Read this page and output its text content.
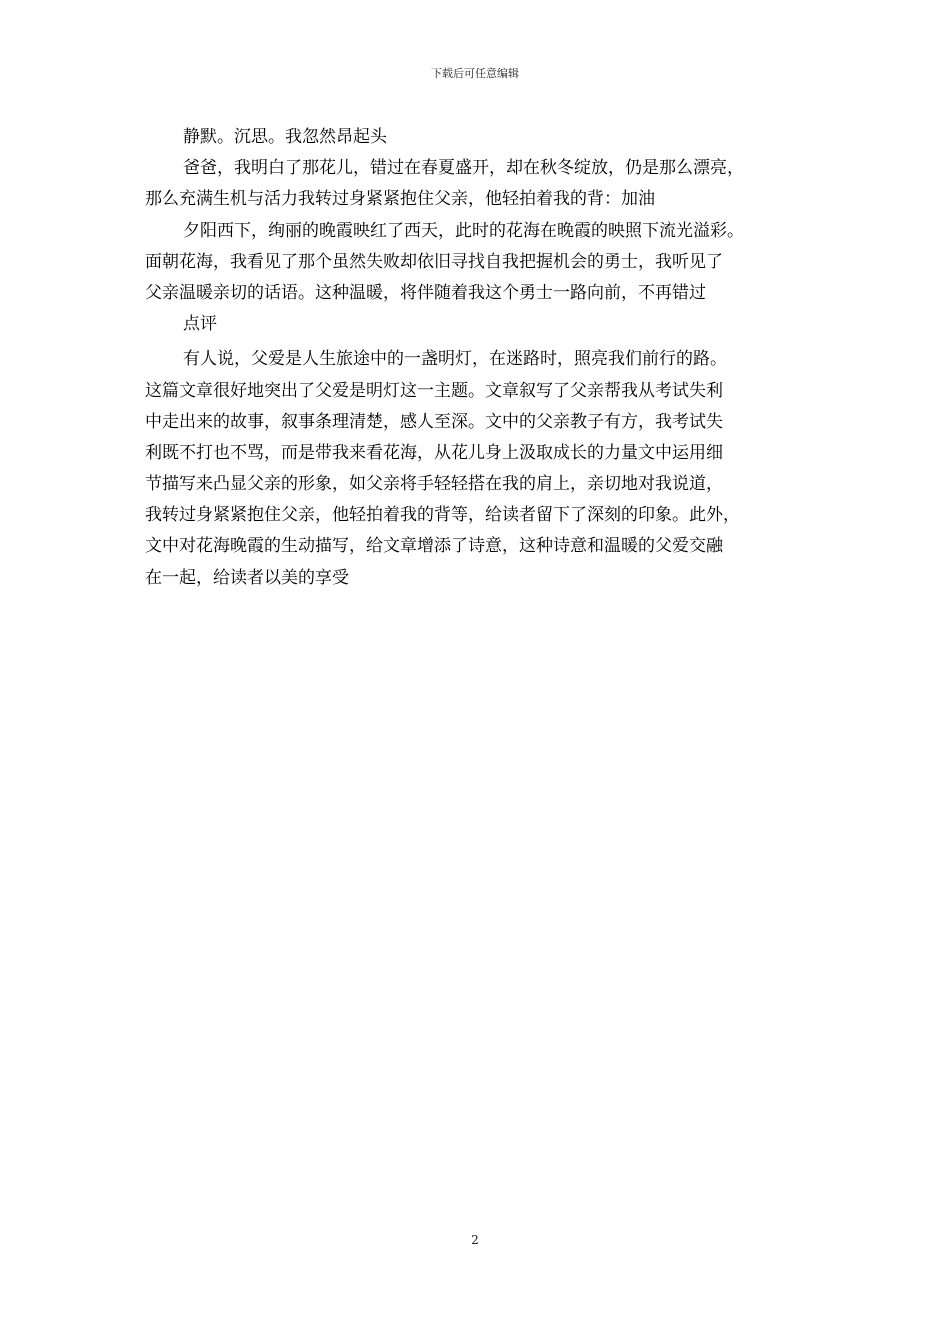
下载后可任意编辑
静默。沉思。我忽然昂起头
爸爸，我明白了那花儿，错过在春夏盛开，却在秋冬绽放，仍是那么漂亮，
那么充满生机与活力我转过身紧紧抱住父亲，他轻拍着我的背：加油
夕阳西下，绚丽的晚霞映红了西天，此时的花海在晚霞的映照下流光溢彩。
面朝花海，我看见了那个虽然失败却依旧寻找自我把握机会的勇士，我听见了
父亲温暖亲切的话语。这种温暖，将伴随着我这个勇士一路向前，不再错过
点评
有人说，父爱是人生旅途中的一盏明灯，在迷路时，照亮我们前行的路。
这篇文章很好地突出了父爱是明灯这一主题。文章叙写了父亲帮我从考试失利
中走出来的故事，叙事条理清楚，感人至深。文中的父亲教子有方，我考试失
利既不打也不骂，而是带我来看花海，从花儿身上汲取成长的力量文中运用细
节描写来凸显父亲的形象，如父亲将手轻轻搭在我的肩上，亲切地对我说道，
我转过身紧紧抱住父亲，他轻拍着我的背等，给读者留下了深刻的印象。此外，
文中对花海晚霞的生动描写，给文章增添了诗意，这种诗意和温暖的父爱交融
在一起，给读者以美的享受
2
